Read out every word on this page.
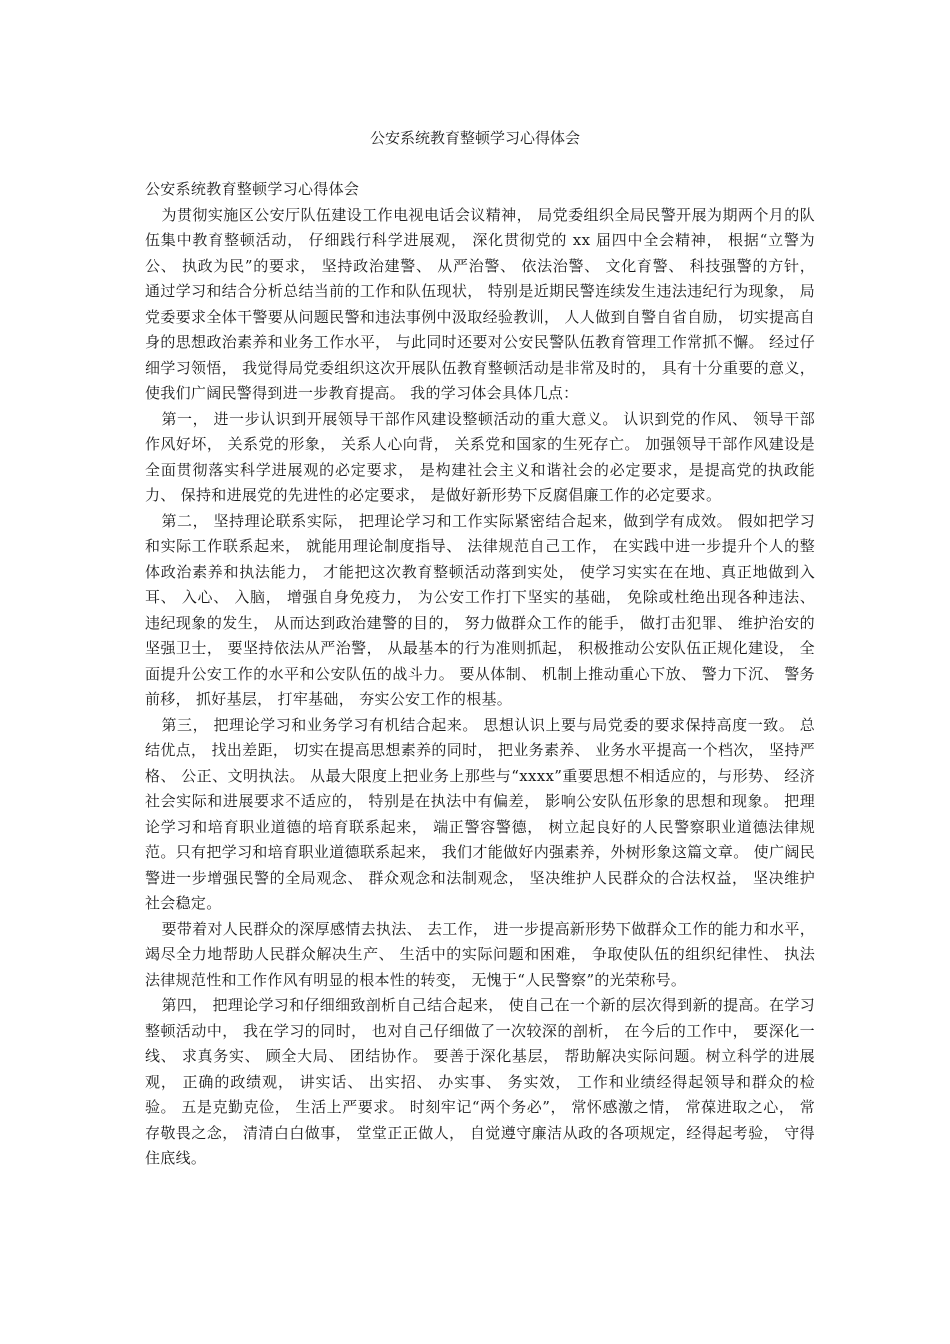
公安系统教育整顿学习心得体会

公安系统教育整顿学习心得体会

为贯彻实施区公安厅队伍建设工作电视电话会议精神， 局党委组织全局民警开展为期两个月的队伍集中教育整顿活动， 仔细践行科学进展观， 深化贯彻党的 xx 届四中全会精神， 根据“立警为公、 执政为民”的要求， 坚持政治建警、 从严治警、 依法治警、 文化育警、 科技强警的方针， 通过学习和结合分析总结当前的工作和队伍现状， 特别是近期民警连续发生违法违纪行为现象， 局党委要求全体干警要从问题民警和违法事例中汲取经验教训， 人人做到自警自省自励， 切实提高自身的思想政治素养和业务工作水平， 与此同时还要对公安民警队伍教育管理工作常抓不懈。 经过仔细学习领悟， 我觉得局党委组织这次开展队伍教育整顿活动是非常及时的， 具有十分重要的意义， 使我们广阔民警得到进一步教育提高。 我的学习体会具体几点：

第一， 进一步认识到开展领导干部作风建设整顿活动的重大意义。 认识到党的作风、 领导干部作风好坏， 关系党的形象， 关系人心向背， 关系党和国家的生死存亡。 加强领导干部作风建设是全面贯彻落实科学进展观的必定要求， 是构建社会主义和谐社会的必定要求，是提高党的执政能力、 保持和进展党的先进性的必定要求， 是做好新形势下反腐倡廉工作的必定要求。

第二， 坚持理论联系实际， 把理论学习和工作实际紧密结合起来，做到学有成效。 假如把学习和实际工作联系起来， 就能用理论制度指导、 法律规范自己工作， 在实践中进一步提升个人的整体政治素养和执法能力， 才能把这次教育整顿活动落到实处， 使学习实实在在地、真正地做到入耳、 入心、 入脑， 增强自身免疫力， 为公安工作打下坚实的基础， 免除或杜绝出现各种违法、 违纪现象的发生， 从而达到政治建警的目的， 努力做群众工作的能手， 做打击犯罪、 维护治安的坚强卫士， 要坚持依法从严治警， 从最基本的行为准则抓起， 积极推动公安队伍正规化建设， 全面提升公安工作的水平和公安队伍的战斗力。 要从体制、 机制上推动重心下放、 警力下沉、 警务前移， 抓好基层， 打牢基础， 夯实公安工作的根基。

第三， 把理论学习和业务学习有机结合起来。 思想认识上要与局党委的要求保持高度一致。 总结优点， 找出差距， 切实在提高思想素养的同时， 把业务素养、 业务水平提高一个档次， 坚持严格、 公正、文明执法。 从最大限度上把业务上那些与“xxxx”重要思想不相适应的，与形势、 经济社会实际和进展要求不适应的， 特别是在执法中有偏差， 影响公安队伍形象的思想和现象。 把理论学习和培育职业道德的培育联系起来， 端正警容警德， 树立起良好的人民警察职业道德法律规范。只有把学习和培育职业道德联系起来， 我们才能做好内强素养，外树形象这篇文章。 使广阔民警进一步增强民警的全局观念、 群众观念和法制观念， 坚决维护人民群众的合法权益， 坚决维护社会稳定。

要带着对人民群众的深厚感情去执法、 去工作， 进一步提高新形势下做群众工作的能力和水平， 竭尽全力地帮助人民群众解决生产、 生活中的实际问题和困难， 争取使队伍的组织纪律性、 执法法律规范性和工作作风有明显的根本性的转变， 无愧于“人民警察”的光荣称号。

第四， 把理论学习和仔细细致剖析自己结合起来， 使自己在一个新的层次得到新的提高。在学习整顿活动中， 我在学习的同时， 也对自己仔细做了一次较深的剖析， 在今后的工作中， 要深化一线、 求真务实、 顾全大局、 团结协作。 要善于深化基层， 帮助解决实际问题。树立科学的进展观， 正确的政绩观， 讲实话、 出实招、 办实事、 务实效， 工作和业绩经得起领导和群众的检验。 五是克勤克俭， 生活上严要求。 时刻牢记“两个务必”， 常怀感激之情， 常葆进取之心， 常存敬畏之念， 清清白白做事， 堂堂正正做人， 自觉遵守廉洁从政的各项规定，经得起考验， 守得住底线。
